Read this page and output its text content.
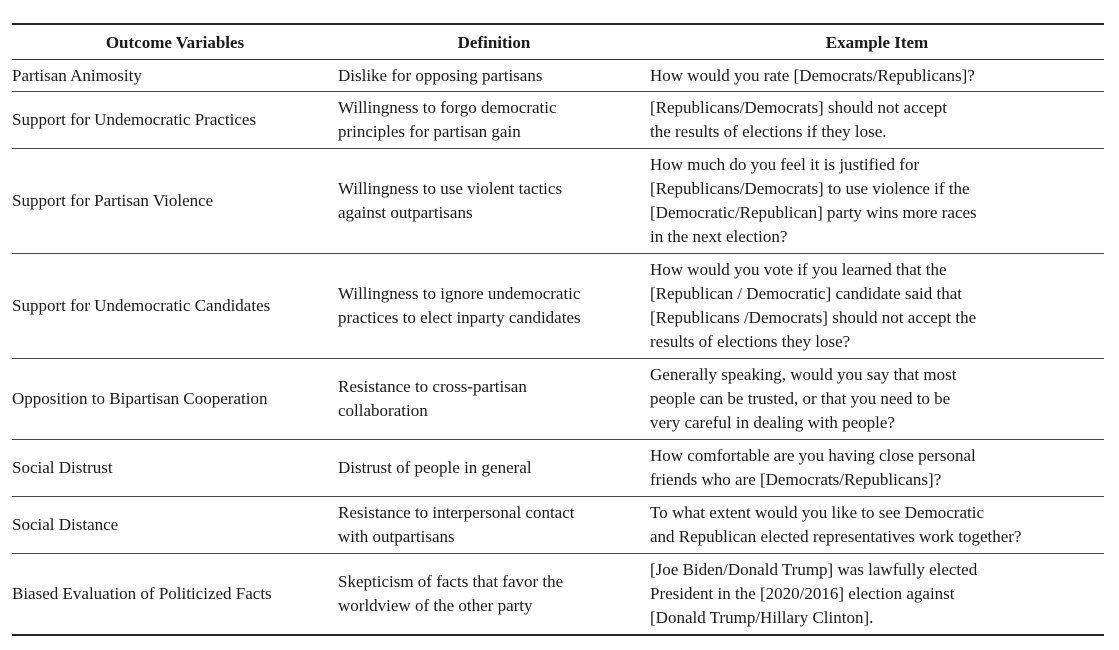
Outcome Variables	Definition	Example Item
Partisan Animosity	Dislike for opposing partisans	How would you rate [Democrats/Republicans]?

Support for Undemocratic Practices	Willingness to forgo democratic
principles for partisan gain	[Republicans/Democrats] should not accept
the results of elections if they lose.

Support for Partisan Violence	Willingness to use violent tactics
against outpartisans	How much do you feel it is justified for
[Republicans/Democrats] to use violence if the
[Democratic/Republican] party wins more races
in the next election?

Support for Undemocratic Candidates	Willingness to ignore undemocratic
practices to elect inparty candidates	How would you vote if you learned that the
[Republican / Democratic] candidate said that
[Republicans /Democrats] should not accept the
results of elections they lose?

Opposition to Bipartisan Cooperation	Resistance to cross-partisan
collaboration	Generally speaking, would you say that most
people can be trusted, or that you need to be
very careful in dealing with people?

Social Distrust	Distrust of people in general	How comfortable are you having close personal
friends who are [Democrats/Republicans]?

Social Distance	Resistance to interpersonal contact
with outpartisans	To what extent would you like to see Democratic
and Republican elected representatives work together?

Biased Evaluation of Politicized Facts	Skepticism of facts that favor the
worldview of the other party	[Joe Biden/Donald Trump] was lawfully elected
President in the [2020/2016] election against
[Donald Trump/Hillary Clinton].
